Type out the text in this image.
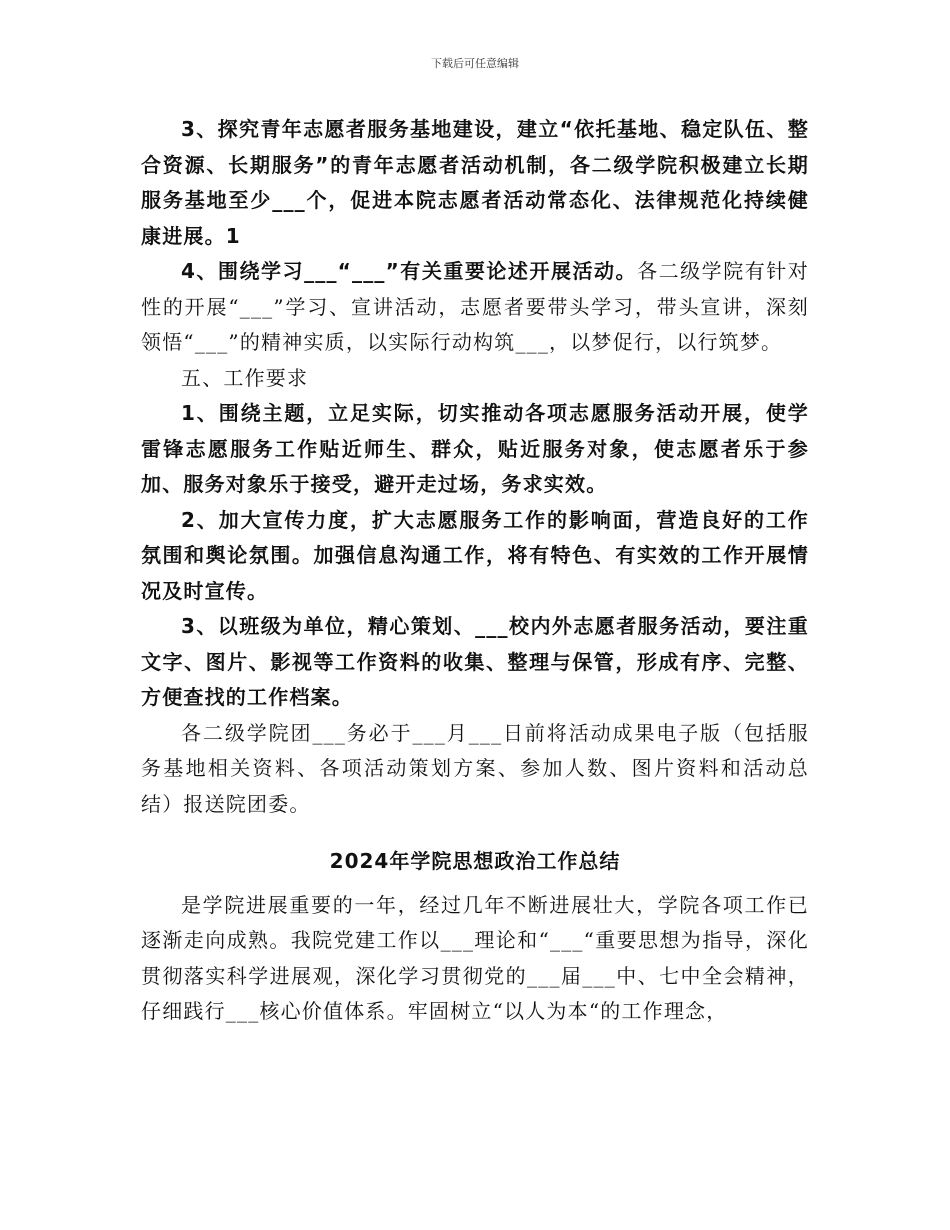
下载后可任意编辑

3、探究青年志愿者服务基地建设，建立“依托基地、稳定队伍、整合资源、长期服务”的青年志愿者活动机制，各二级学院积极建立长期服务基地至少___个，促进本院志愿者活动常态化、法律规范化持续健康进展。1

4、围绕学习___“___”有关重要论述开展活动。各二级学院有针对性的开展“___”学习、宣讲活动，志愿者要带头学习，带头宣讲，深刻领悟“___”的精神实质，以实际行动构筑___，以梦促行，以行筑梦。

五、工作要求

1、围绕主题，立足实际，切实推动各项志愿服务活动开展，使学雷锋志愿服务工作贴近师生、群众，贴近服务对象，使志愿者乐于参加、服务对象乐于接受，避开走过场，务求实效。

2、加大宣传力度，扩大志愿服务工作的影响面，营造良好的工作氛围和舆论氛围。加强信息沟通工作，将有特色、有实效的工作开展情况及时宣传。

3、以班级为单位，精心策划、___校内外志愿者服务活动，要注重文字、图片、影视等工作资料的收集、整理与保管，形成有序、完整、方便查找的工作档案。

各二级学院团___务必于___月___日前将活动成果电子版（包括服务基地相关资料、各项活动策划方案、参加人数、图片资料和活动总结）报送院团委。

2024年学院思想政治工作总结

是学院进展重要的一年，经过几年不断进展壮大，学院各项工作已逐渐走向成熟。我院党建工作以___理论和“___“重要思想为指导，深化贯彻落实科学进展观，深化学习贯彻党的___届___中、七中全会精神，仔细践行___核心价值体系。牢固树立“以人为本“的工作理念，
